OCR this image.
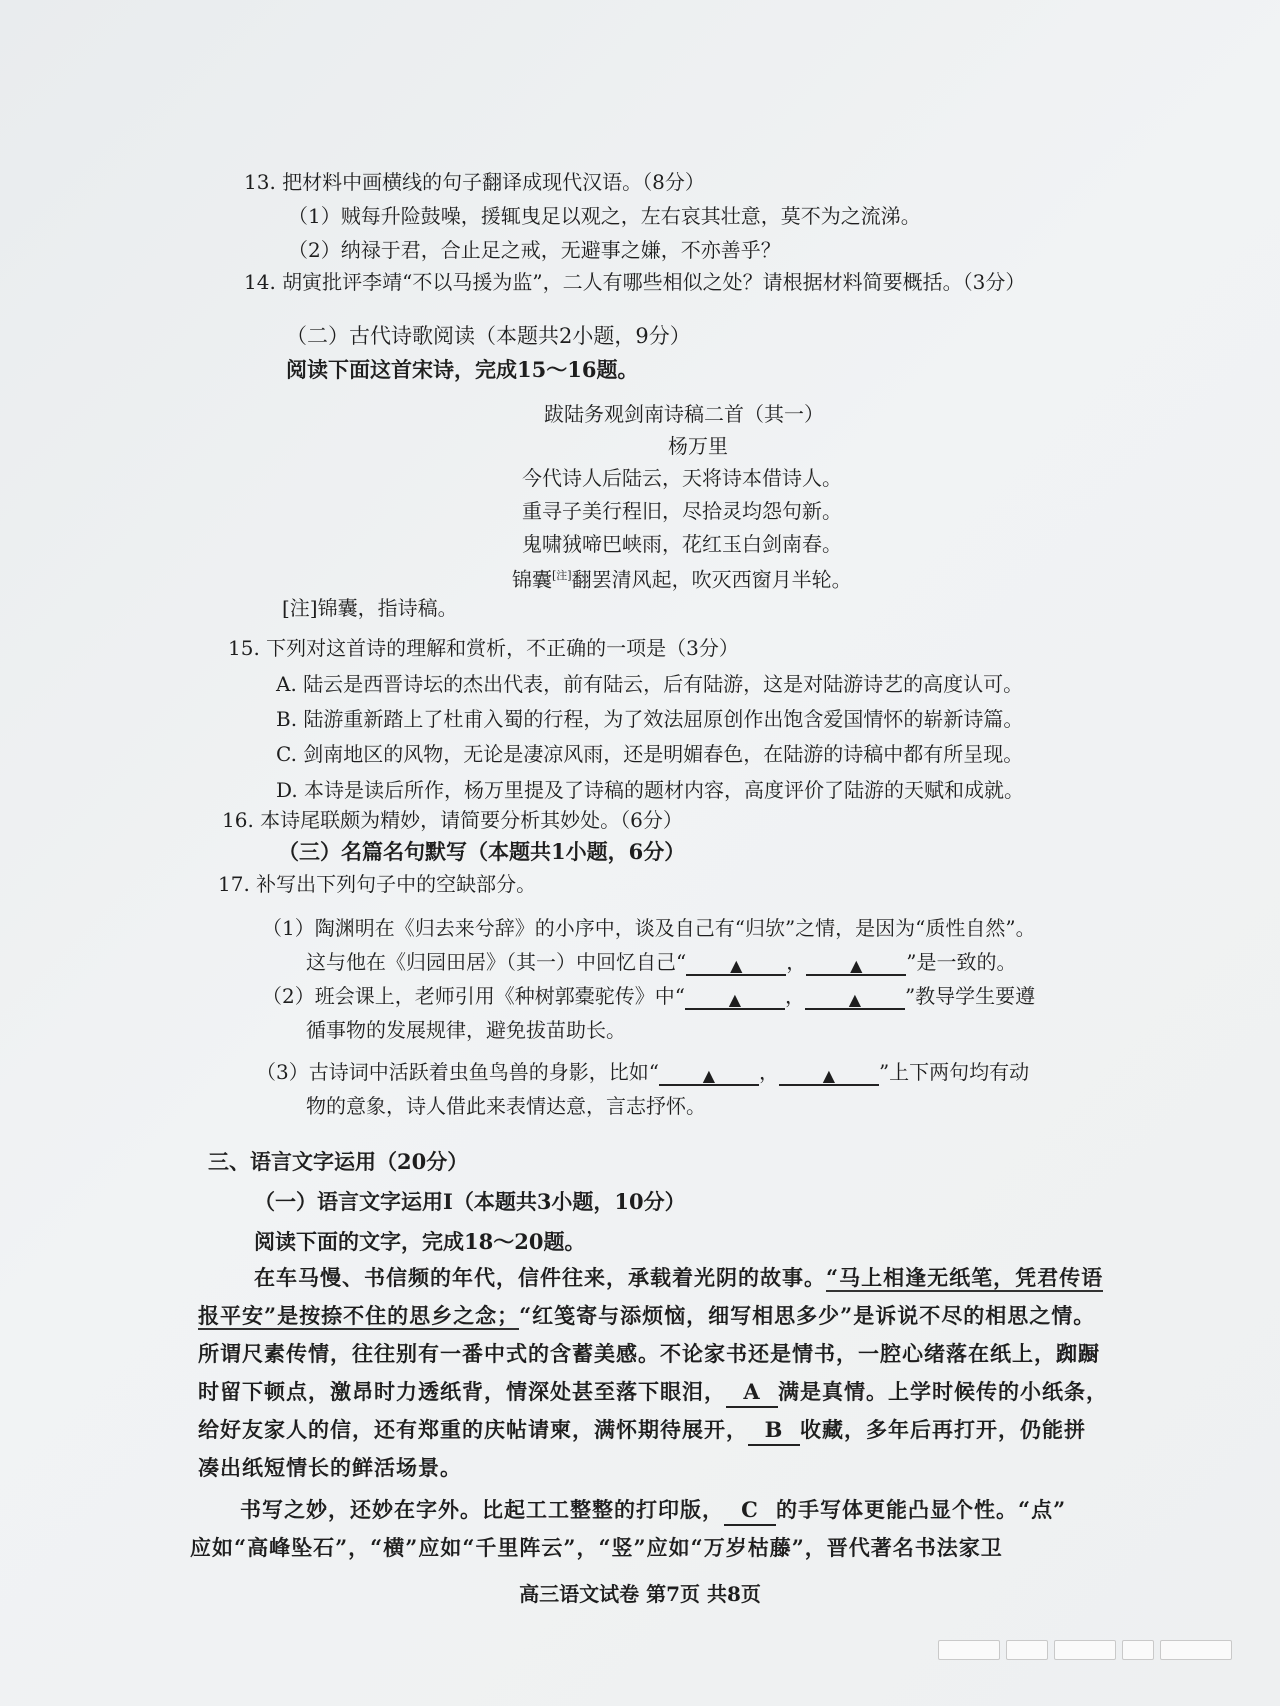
13. 把材料中画横线的句子翻译成现代汉语。（8分）
（1）贼每升险鼓噪，援辄曳足以观之，左右哀其壮意，莫不为之流涕。
（2）纳禄于君，合止足之戒，无避事之嫌，不亦善乎？
14. 胡寅批评李靖“不以马援为监”，二人有哪些相似之处？请根据材料简要概括。（3分）
（二）古代诗歌阅读（本题共2小题，9分）
阅读下面这首宋诗，完成15～16题。
跋陆务观剑南诗稿二首（其一）
杨万里
今代诗人后陆云，天将诗本借诗人。
重寻子美行程旧，尽拾灵均怨句新。
鬼啸狨啼巴峡雨，花红玉白剑南春。
锦囊[注]翻罢清风起，吹灭西窗月半轮。
[注]锦囊，指诗稿。
15. 下列对这首诗的理解和赏析，不正确的一项是（3分）
A. 陆云是西晋诗坛的杰出代表，前有陆云，后有陆游，这是对陆游诗艺的高度认可。
B. 陆游重新踏上了杜甫入蜀的行程，为了效法屈原创作出饱含爱国情怀的崭新诗篇。
C. 剑南地区的风物，无论是凄凉风雨，还是明媚春色，在陆游的诗稿中都有所呈现。
D. 本诗是读后所作，杨万里提及了诗稿的题材内容，高度评价了陆游的天赋和成就。
16. 本诗尾联颇为精妙，请简要分析其妙处。（6分）
（三）名篇名句默写（本题共1小题，6分）
17. 补写出下列句子中的空缺部分。
（1）陶渊明在《归去来兮辞》的小序中，谈及自己有“归欤”之情，是因为“质性自然”。
这与他在《归园田居》（其一）中回忆自己“	▲ ，	▲ ”是一致的。
（2）班会课上，老师引用《种树郭橐驼传》中“	▲ ，	▲ ”教导学生要遵
循事物的发展规律，避免拔苗助长。
（3）古诗词中活跃着虫鱼鸟兽的身影，比如“	▲ ，	▲ ”上下两句均有动
物的意象，诗人借此来表情达意，言志抒怀。
三、语言文字运用（20分）
（一）语言文字运用Ⅰ（本题共3小题，10分）
阅读下面的文字，完成18～20题。
在车马慢、书信频的年代，信件往来，承载着光阴的故事。“马上相逢无纸笔，凭君传语
报平安”是按捺不住的思乡之念；“红笺寄与添烦恼，细写相思多少”是诉说不尽的相思之情。
所谓尺素传情，往往别有一番中式的含蓄美感。不论家书还是情书，一腔心绪落在纸上，踟蹰
时留下顿点，激昂时力透纸背，情深处甚至落下眼泪， A 满是真情。上学时候传的小纸条，
给好友家人的信，还有郑重的庆帖请柬，满怀期待展开， B 收藏，多年后再打开，仍能拼
凑出纸短情长的鲜活场景。
书写之妙，还妙在字外。比起工工整整的打印版， C 的手写体更能凸显个性。“点”
应如“高峰坠石”，“横”应如“千里阵云”，“竖”应如“万岁枯藤”，晋代著名书法家卫
高三语文试卷 第7页 共8页
